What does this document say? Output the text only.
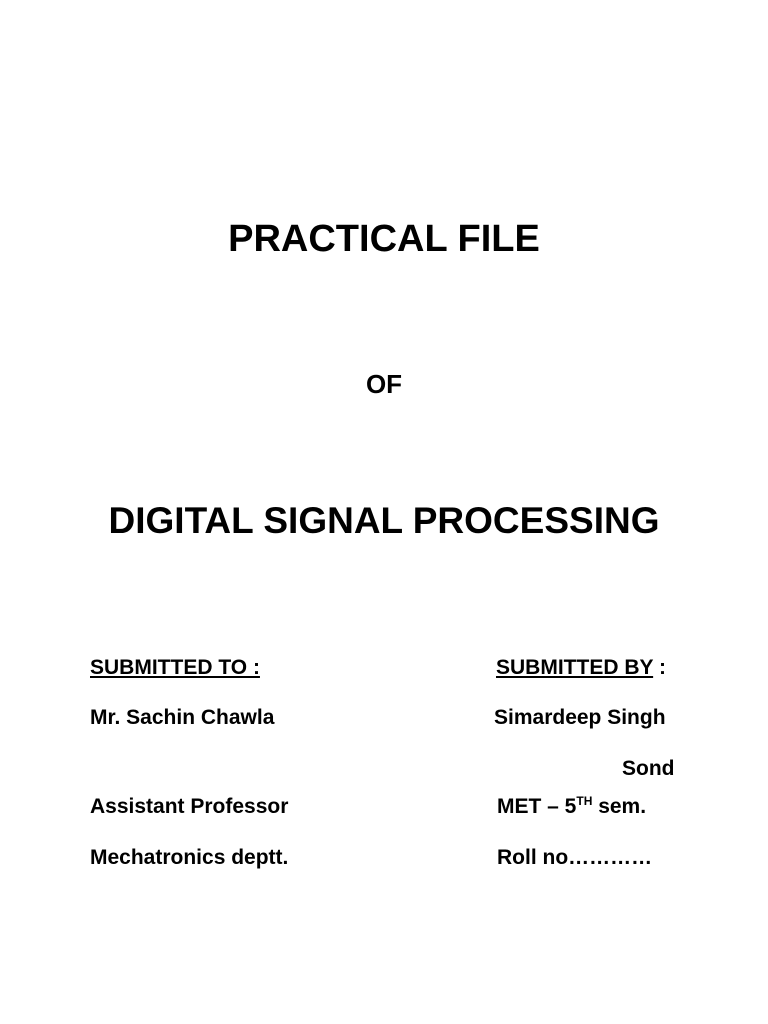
PRACTICAL FILE
OF
DIGITAL SIGNAL PROCESSING
SUBMITTED TO :	SUBMITTED BY :
Mr. Sachin Chawla	Simardeep Singh
Sond
Assistant Professor	MET – 5TH sem.
Mechatronics deptt.	Roll no…………
